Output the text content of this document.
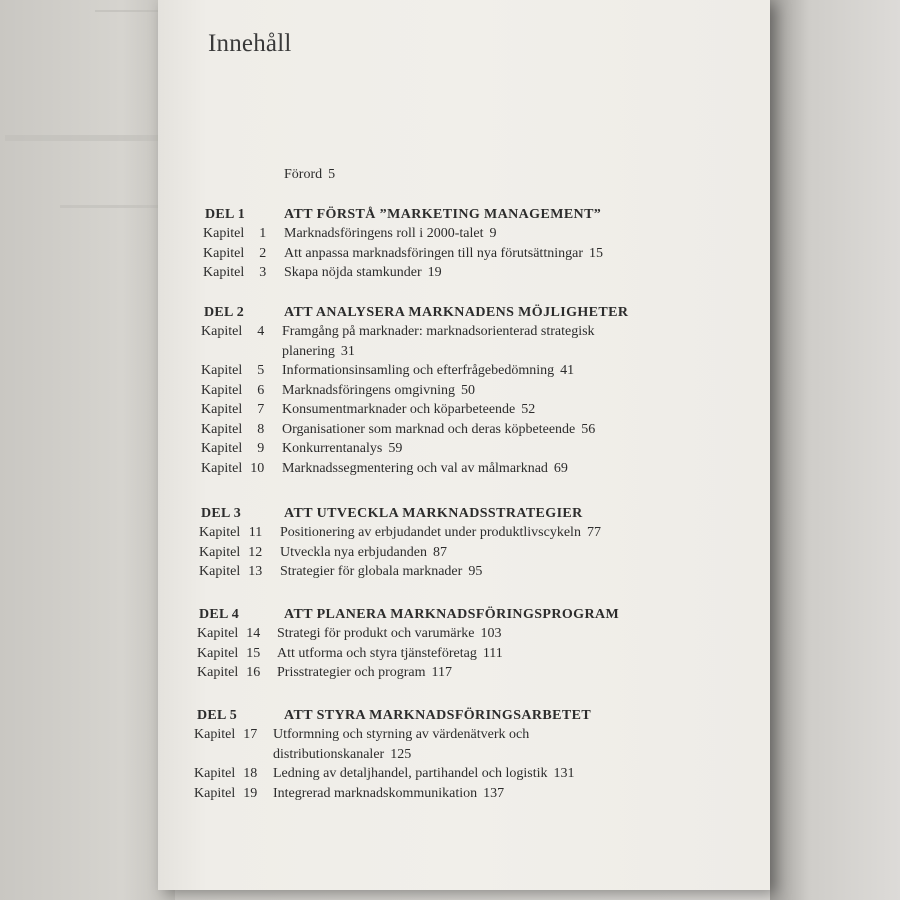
Innehåll
Förord 5
DEL 1	ATT FÖRSTÅ ”MARKETING MANAGEMENT”
Kapitel 1 Marknadsföringens roll i 2000-talet 9
Kapitel 2 Att anpassa marknadsföringen till nya förutsättningar 15
Kapitel 3 Skapa nöjda stamkunder 19
DEL 2	ATT ANALYSERA MARKNADENS MÖJLIGHETER
Kapitel 4 Framgång på marknader: marknadsorienterad strategisk
planering 31
Kapitel 5 Informationsinsamling och efterfrågebedömning 41
Kapitel 6 Marknadsföringens omgivning 50
Kapitel 7 Konsumentmarknader och köparbeteende 52
Kapitel 8 Organisationer som marknad och deras köpbeteende 56
Kapitel 9 Konkurrentanalys 59
Kapitel 10 Marknadssegmentering och val av målmarknad 69
DEL 3	ATT UTVECKLA MARKNADSSTRATEGIER
Kapitel 11 Positionering av erbjudandet under produktlivscykeln 77
Kapitel 12 Utveckla nya erbjudanden 87
Kapitel 13 Strategier för globala marknader 95
DEL 4	ATT PLANERA MARKNADSFÖRINGSPROGRAM
Kapitel 14 Strategi för produkt och varumärke 103
Kapitel 15 Att utforma och styra tjänsteföretag 111
Kapitel 16 Prisstrategier och program 117
DEL 5	ATT STYRA MARKNADSFÖRINGSARBETET
Kapitel 17 Utformning och styrning av värdenätverk och
distributionskanaler 125
Kapitel 18 Ledning av detaljhandel, partihandel och logistik 131
Kapitel 19 Integrerad marknadskommunikation 137
